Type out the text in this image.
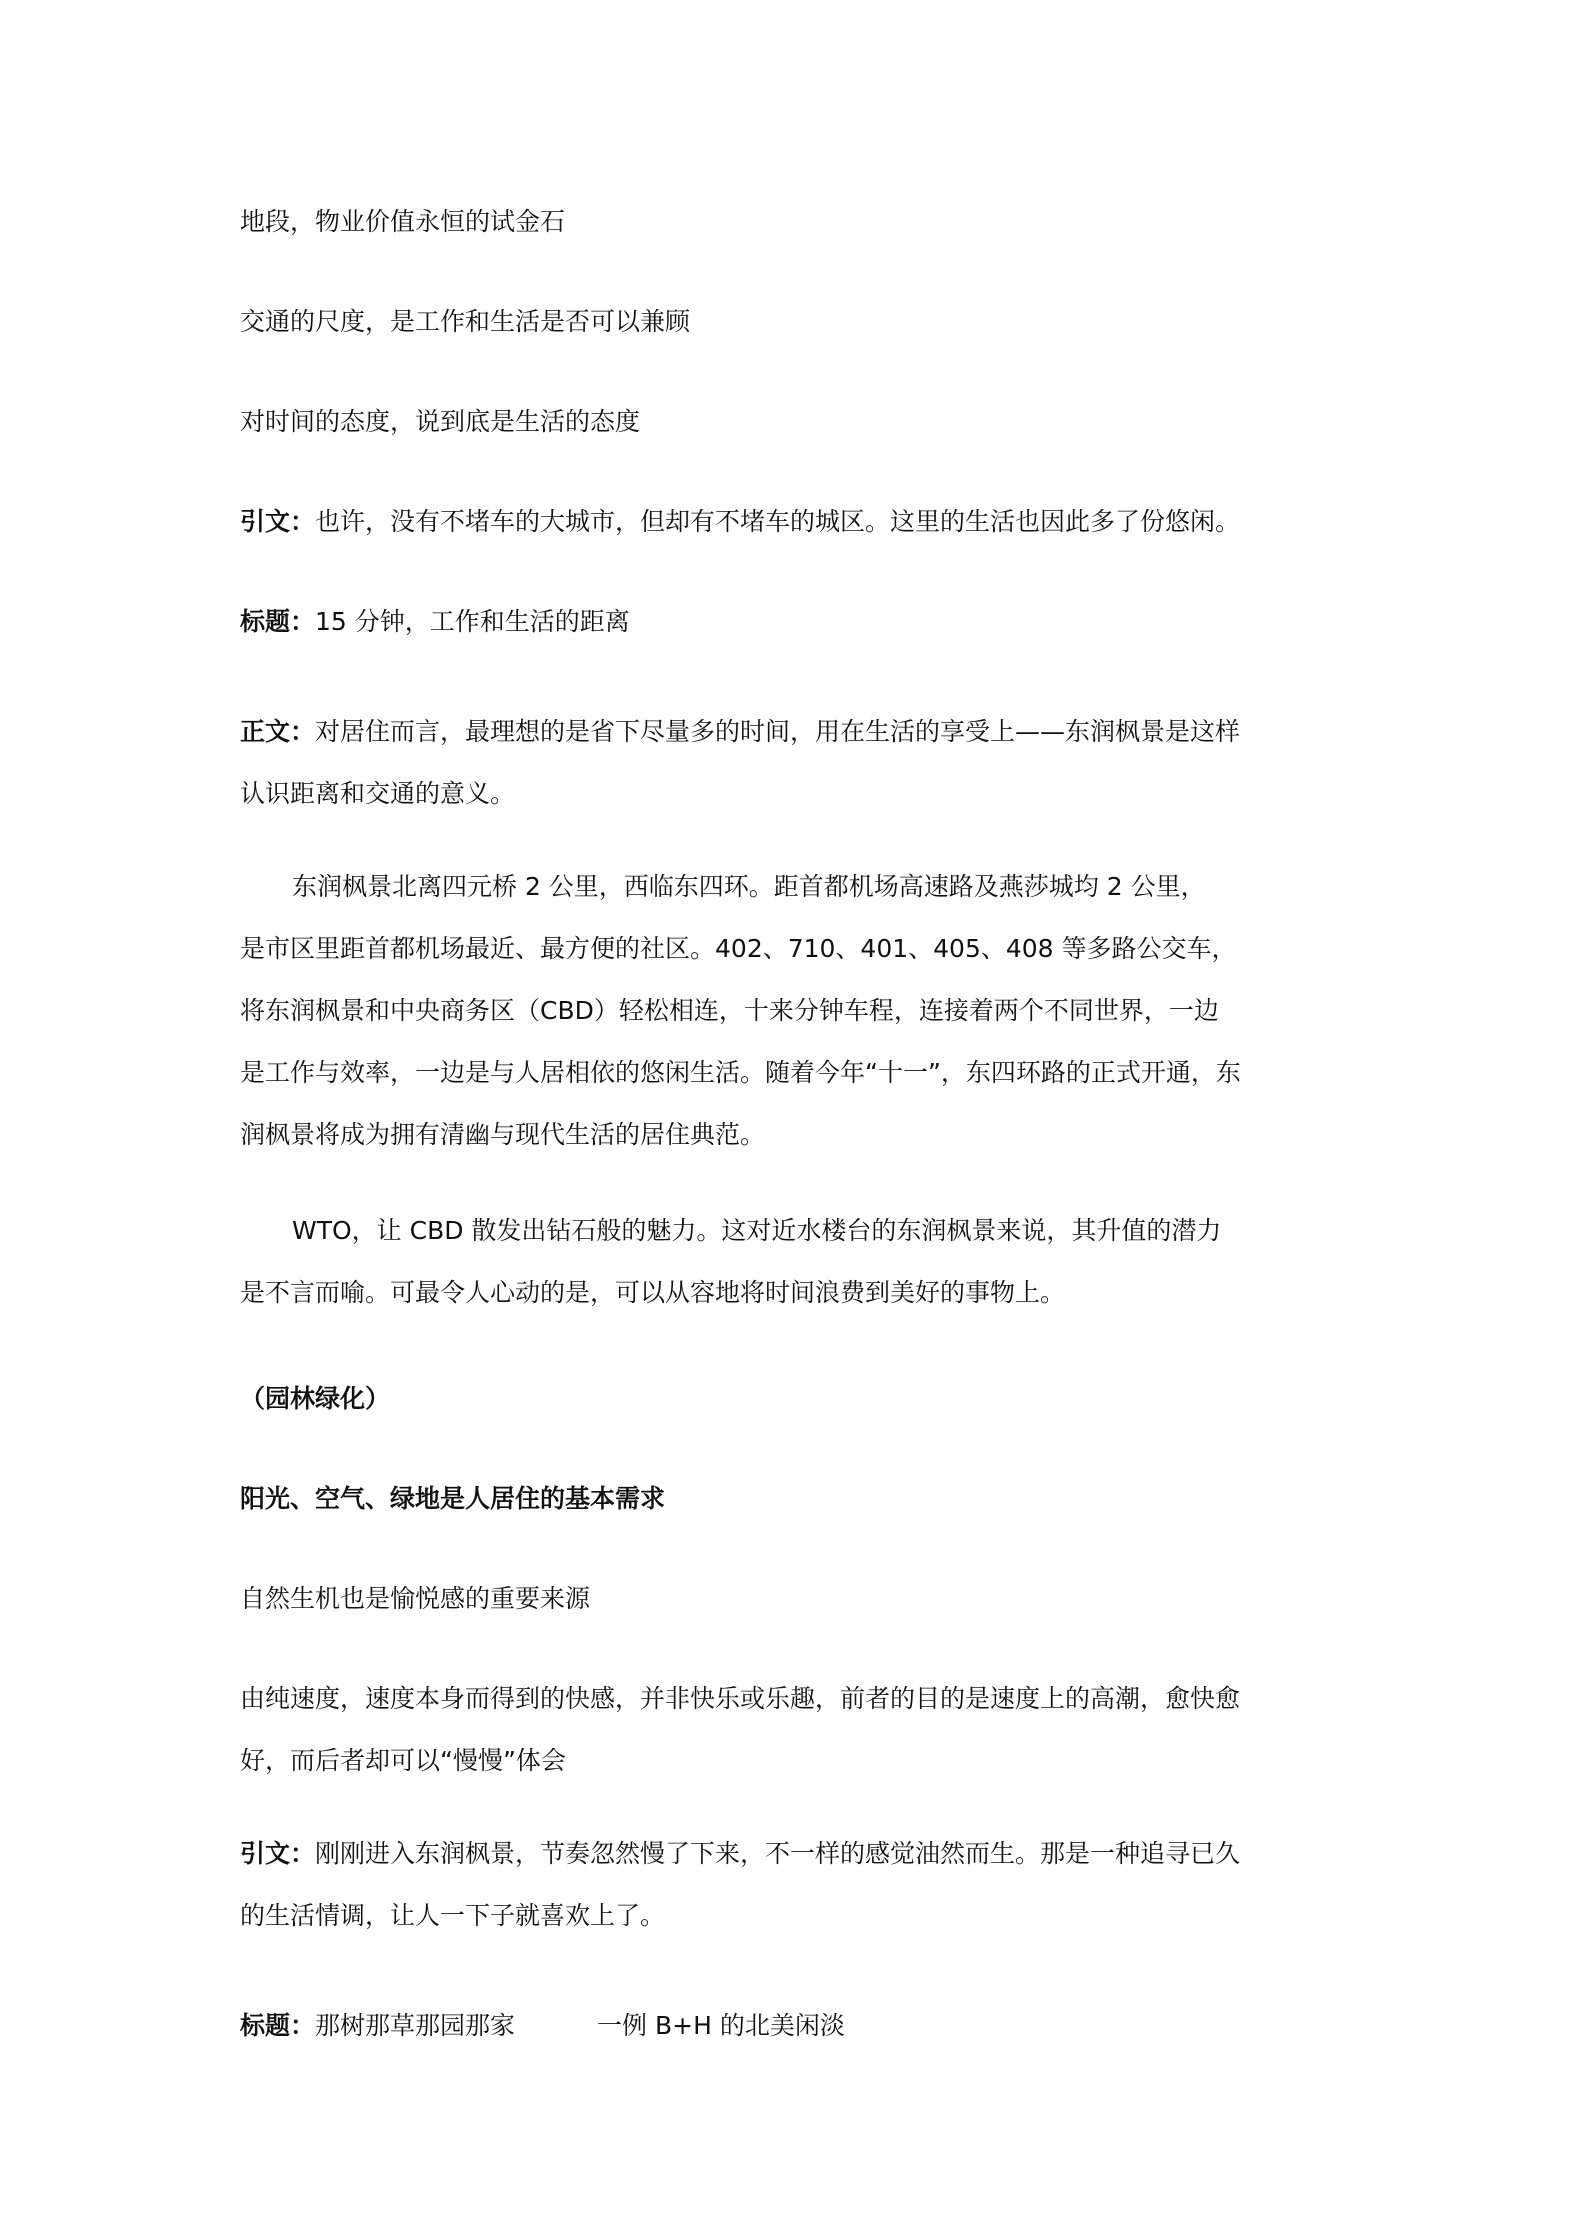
地段，物业价值永恒的试金石

交通的尺度，是工作和生活是否可以兼顾

对时间的态度，说到底是生活的态度

引文：也许，没有不堵车的大城市，但却有不堵车的城区。这里的生活也因此多了份悠闲。

标题：15 分钟，工作和生活的距离

正文：对居住而言，最理想的是省下尽量多的时间，用在生活的享受上——东润枫景是这样
认识距离和交通的意义。
东润枫景北离四元桥 2 公里，西临东四环。距首都机场高速路及燕莎城均 2 公里，
是市区里距首都机场最近、最方便的社区。402、710、401、405、408 等多路公交车，
将东润枫景和中央商务区（CBD）轻松相连，十来分钟车程，连接着两个不同世界，一边
是工作与效率，一边是与人居相依的悠闲生活。随着今年“十一”，东四环路的正式开通，东
润枫景将成为拥有清幽与现代生活的居住典范。
WTO，让 CBD 散发出钻石般的魅力。这对近水楼台的东润枫景来说，其升值的潜力
是不言而喻。可最令人心动的是，可以从容地将时间浪费到美好的事物上。

（园林绿化）

阳光、空气、绿地是人居住的基本需求

自然生机也是愉悦感的重要来源

由纯速度，速度本身而得到的快感，并非快乐或乐趣，前者的目的是速度上的高潮，愈快愈
好，而后者却可以“慢慢”体会
引文：刚刚进入东润枫景，节奏忽然慢了下来，不一样的感觉油然而生。那是一种追寻已久
的生活情调，让人一下子就喜欢上了。

标题：那树那草那园那家	一例 B+H 的北美闲淡
